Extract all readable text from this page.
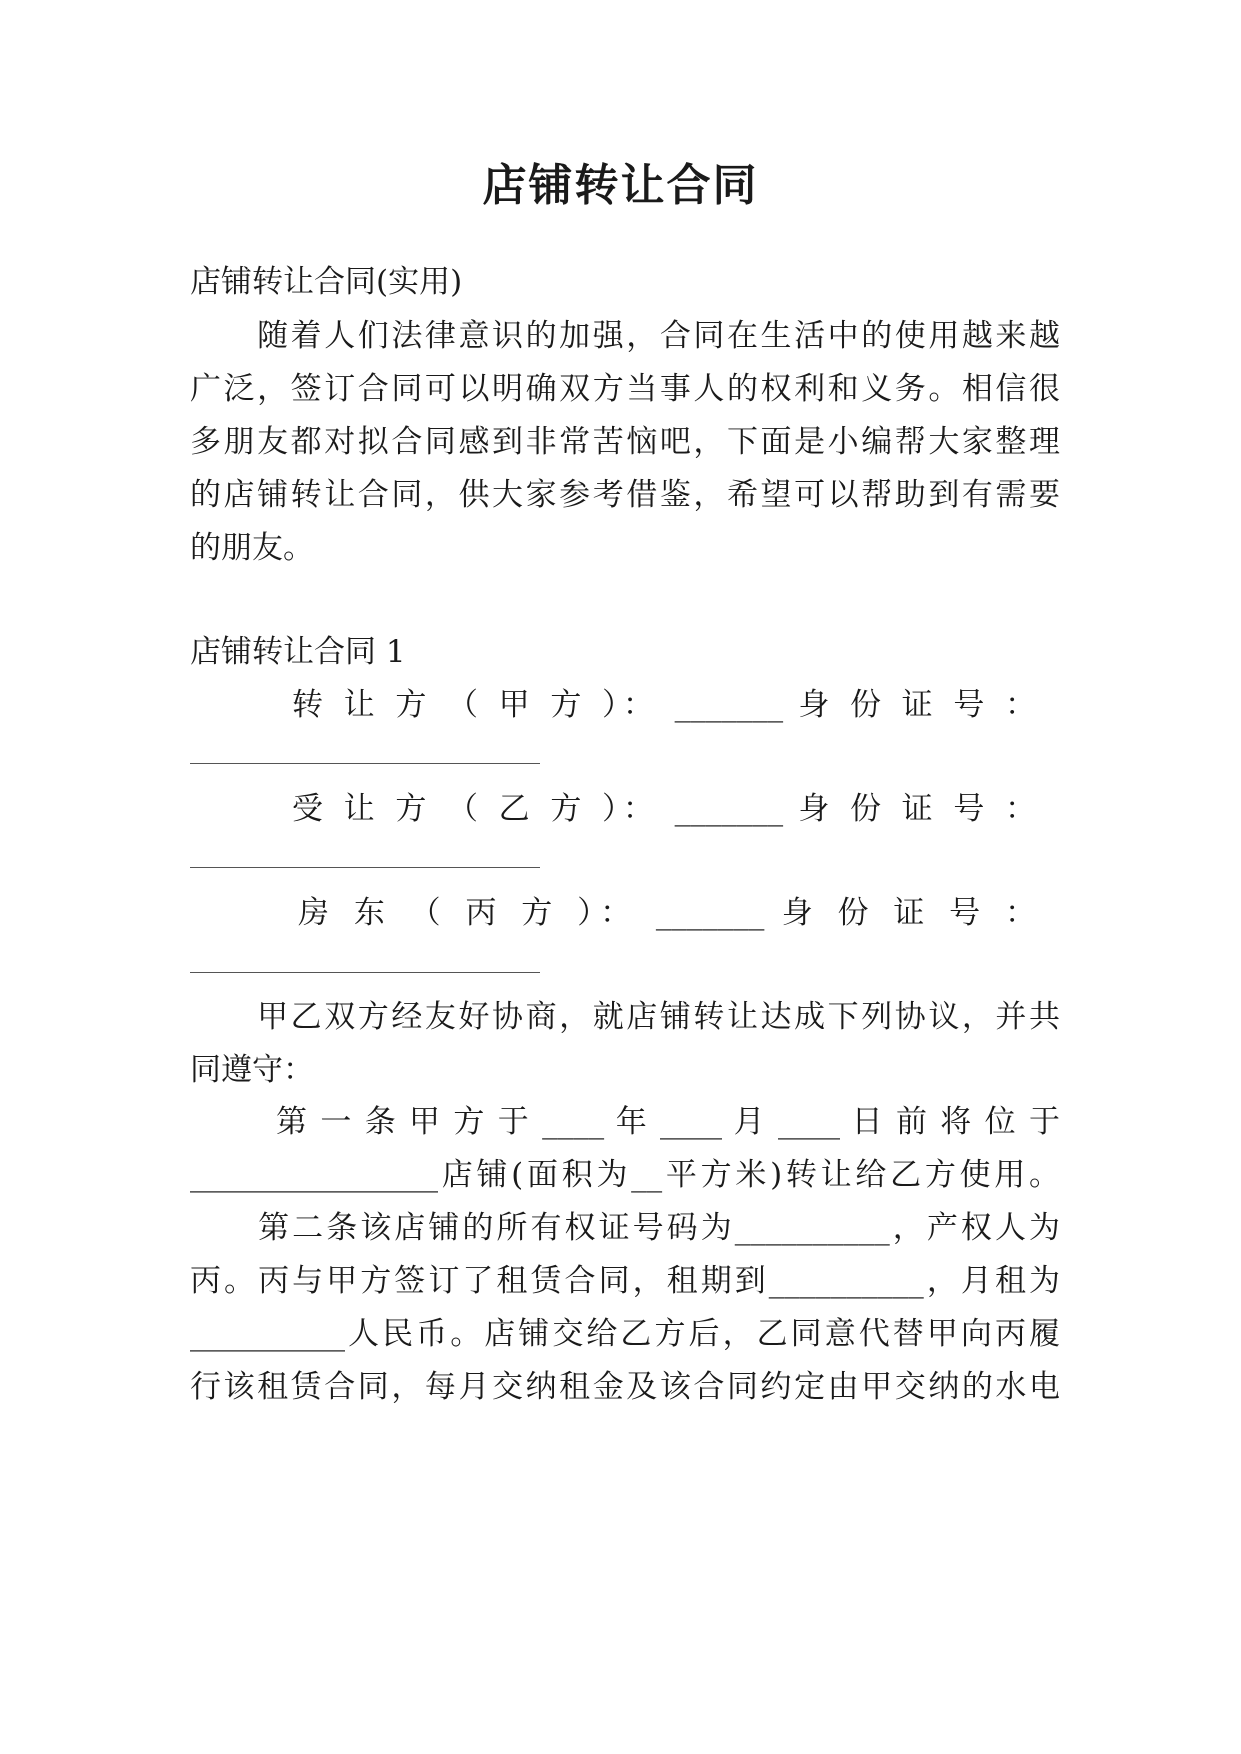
店铺转让合同
店铺转让合同(实用)
　　随着人们法律意识的加强，合同在生活中的使用越来越
广泛，签订合同可以明确双方当事人的权利和义务。相信很
多朋友都对拟合同感到非常苦恼吧，下面是小编帮大家整理
的店铺转让合同，供大家参考借鉴，希望可以帮助到有需要
的朋友。
店铺转让合同 1
转 让 方 （ 甲 方 ）： _______ 身 份 证 号 ：
受 让 方 （ 乙 方 ）： _______ 身 份 证 号 ：
房 东 （ 丙 方 ）： _______ 身 份 证 号 ：
　　甲乙双方经友好协商，就店铺转让达成下列协议，并共
同遵守：
第 一 条 甲 方 于 ____ 年 ____ 月 ____ 日 前 将 位 于
________________店铺(面积为__平方米)转让给乙方使用。
　　第二条该店铺的所有权证号码为__________，产权人为
丙。丙与甲方签订了租赁合同，租期到__________，月租为
__________人民币。店铺交给乙方后，乙同意代替甲向丙履
行该租赁合同，每月交纳租金及该合同约定由甲交纳的水电
